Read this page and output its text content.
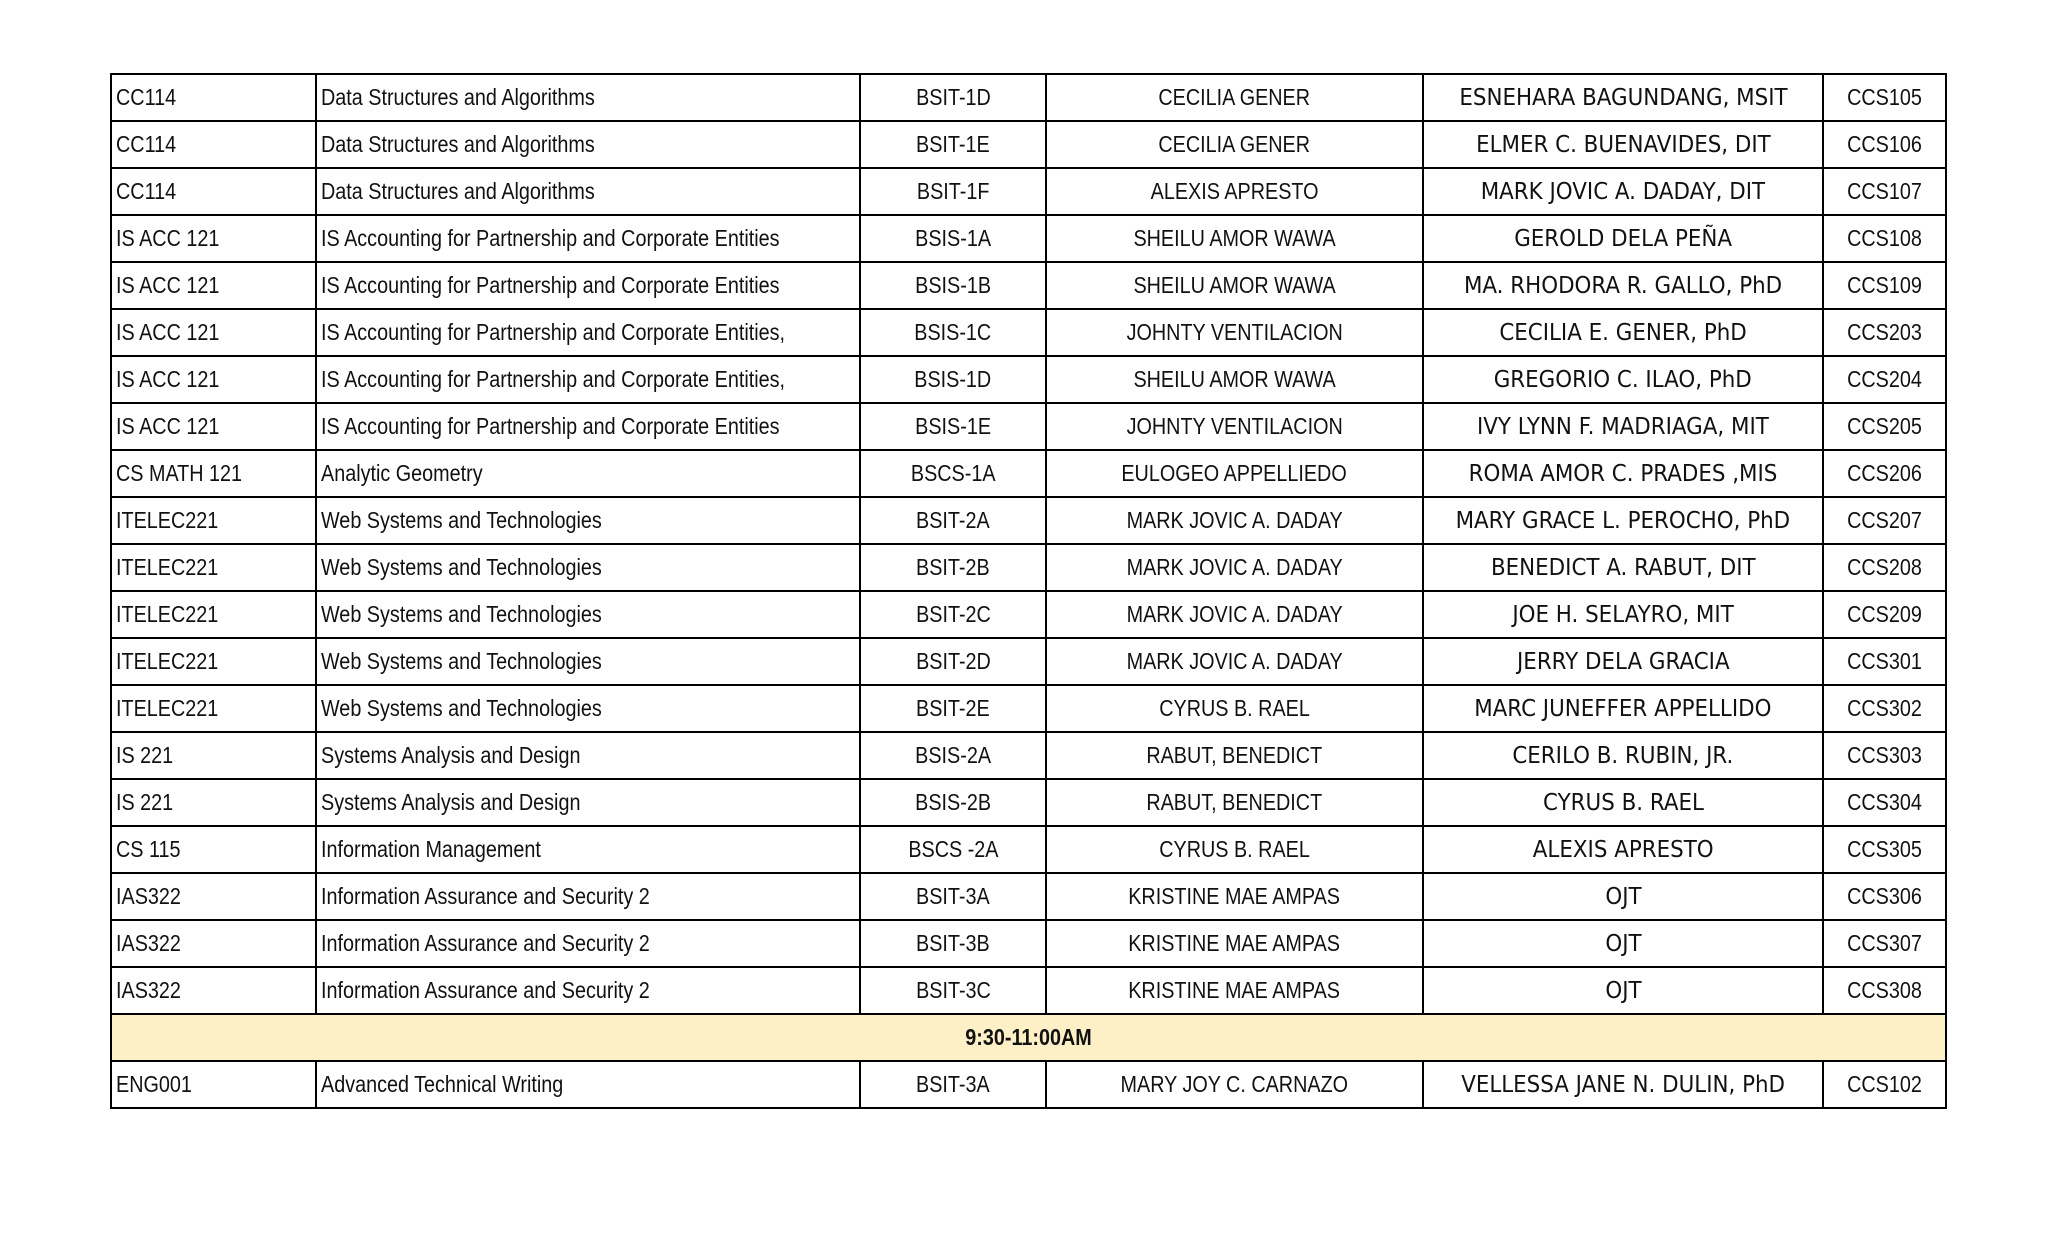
CC114	Data Structures and Algorithms	BSIT-1D	CECILIA GENER	ESNEHARA BAGUNDANG, MSIT	CCS105
CC114	Data Structures and Algorithms	BSIT-1E	CECILIA GENER	ELMER C. BUENAVIDES, DIT	CCS106
CC114	Data Structures and Algorithms	BSIT-1F	ALEXIS APRESTO	MARK JOVIC A. DADAY, DIT	CCS107
IS ACC 121	IS Accounting for Partnership and Corporate Entities	BSIS-1A	SHEILU AMOR WAWA	GEROLD DELA PEÑA	CCS108
IS ACC 121	IS Accounting for Partnership and Corporate Entities	BSIS-1B	SHEILU AMOR WAWA	MA. RHODORA R. GALLO, PhD	CCS109
IS ACC 121	IS Accounting for Partnership and Corporate Entities,	BSIS-1C	JOHNTY VENTILACION	CECILIA E. GENER, PhD	CCS203
IS ACC 121	IS Accounting for Partnership and Corporate Entities,	BSIS-1D	SHEILU AMOR WAWA	GREGORIO C. ILAO, PhD	CCS204
IS ACC 121	IS Accounting for Partnership and Corporate Entities	BSIS-1E	JOHNTY VENTILACION	IVY LYNN F. MADRIAGA, MIT	CCS205
CS MATH 121	Analytic Geometry	BSCS-1A	EULOGEO APPELLIEDO	ROMA AMOR C. PRADES ,MIS	CCS206
ITELEC221	Web Systems and Technologies	BSIT-2A	MARK JOVIC A. DADAY	MARY GRACE L. PEROCHO, PhD	CCS207
ITELEC221	Web Systems and Technologies	BSIT-2B	MARK JOVIC A. DADAY	BENEDICT A. RABUT, DIT	CCS208
ITELEC221	Web Systems and Technologies	BSIT-2C	MARK JOVIC A. DADAY	JOE H. SELAYRO, MIT	CCS209
ITELEC221	Web Systems and Technologies	BSIT-2D	MARK JOVIC A. DADAY	JERRY DELA GRACIA	CCS301
ITELEC221	Web Systems and Technologies	BSIT-2E	CYRUS B. RAEL	MARC JUNEFFER APPELLIDO	CCS302
IS 221	Systems Analysis and Design	BSIS-2A	RABUT, BENEDICT	CERILO B. RUBIN, JR.	CCS303
IS 221	Systems Analysis and Design	BSIS-2B	RABUT, BENEDICT	CYRUS B. RAEL	CCS304
CS 115	Information Management	BSCS -2A	CYRUS B. RAEL	ALEXIS APRESTO	CCS305
IAS322	Information Assurance and Security 2	BSIT-3A	KRISTINE MAE AMPAS	OJT	CCS306
IAS322	Information Assurance and Security 2	BSIT-3B	KRISTINE MAE AMPAS	OJT	CCS307
IAS322	Information Assurance and Security 2	BSIT-3C	KRISTINE MAE AMPAS	OJT	CCS308
9:30-11:00AM					
ENG001	Advanced Technical Writing	BSIT-3A	MARY JOY C. CARNAZO	VELLESSA JANE N. DULIN, PhD	CCS102
